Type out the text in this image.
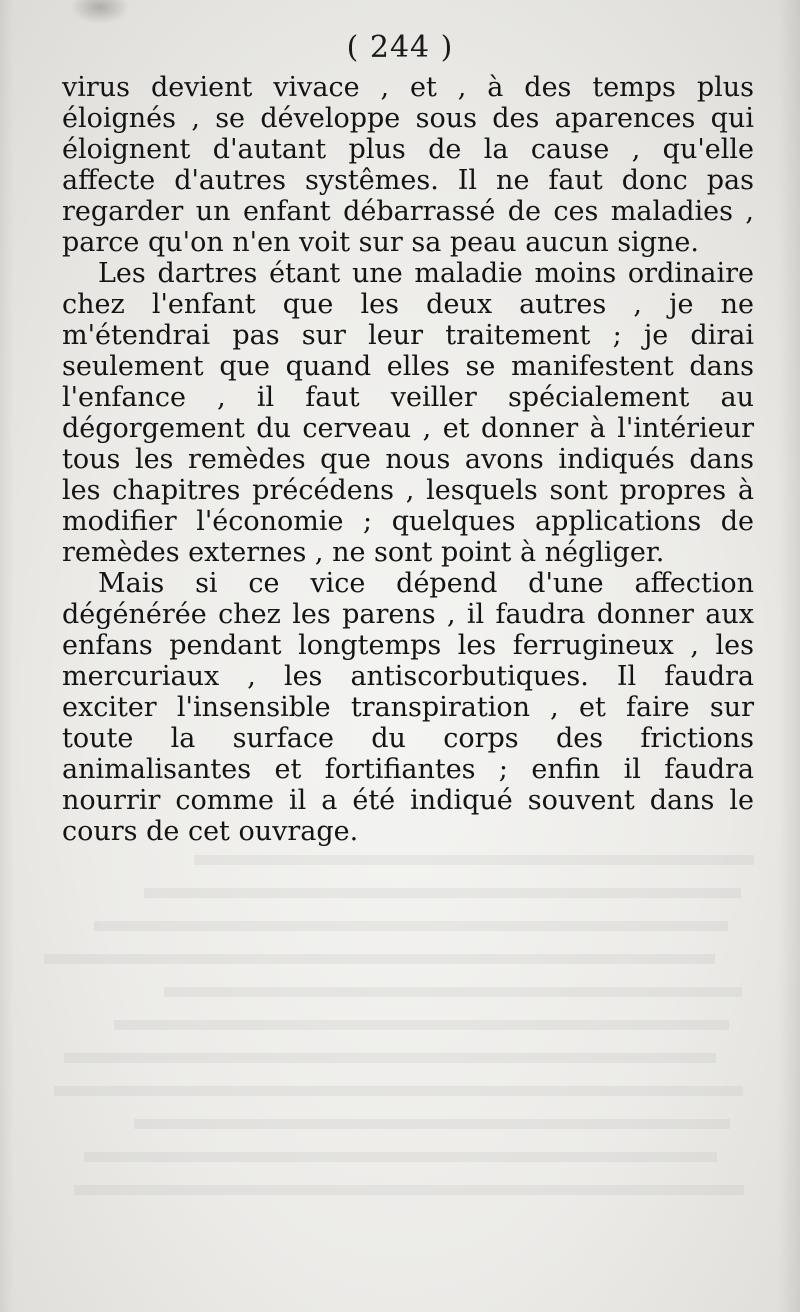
( 244 )

virus devient vivace , et , à des temps plus éloignés , se développe sous des aparences qui éloignent d'autant plus de la cause , qu'elle affecte d'autres systêmes. Il ne faut donc pas regarder un enfant débarrassé de ces maladies , parce qu'on n'en voit sur sa peau aucun signe.

Les dartres étant une maladie moins ordinaire chez l'enfant que les deux autres , je ne m'étendrai pas sur leur traitement ; je dirai seulement que quand elles se manifestent dans l'enfance , il faut veiller spécialement au dégorgement du cerveau , et donner à l'intérieur tous les remèdes que nous avons indiqués dans les chapitres précédens , lesquels sont propres à modifier l'économie ; quelques applications de remèdes externes , ne sont point à négliger.

Mais si ce vice dépend d'une affection dégénérée chez les parens , il faudra donner aux enfans pendant longtemps les ferrugineux , les mercuriaux , les antiscorbutiques. Il faudra exciter l'insensible transpiration , et faire sur toute la surface du corps des frictions animalisantes et fortifiantes ; enfin il faudra nourrir comme il a été indiqué souvent dans le cours de cet ouvrage.
